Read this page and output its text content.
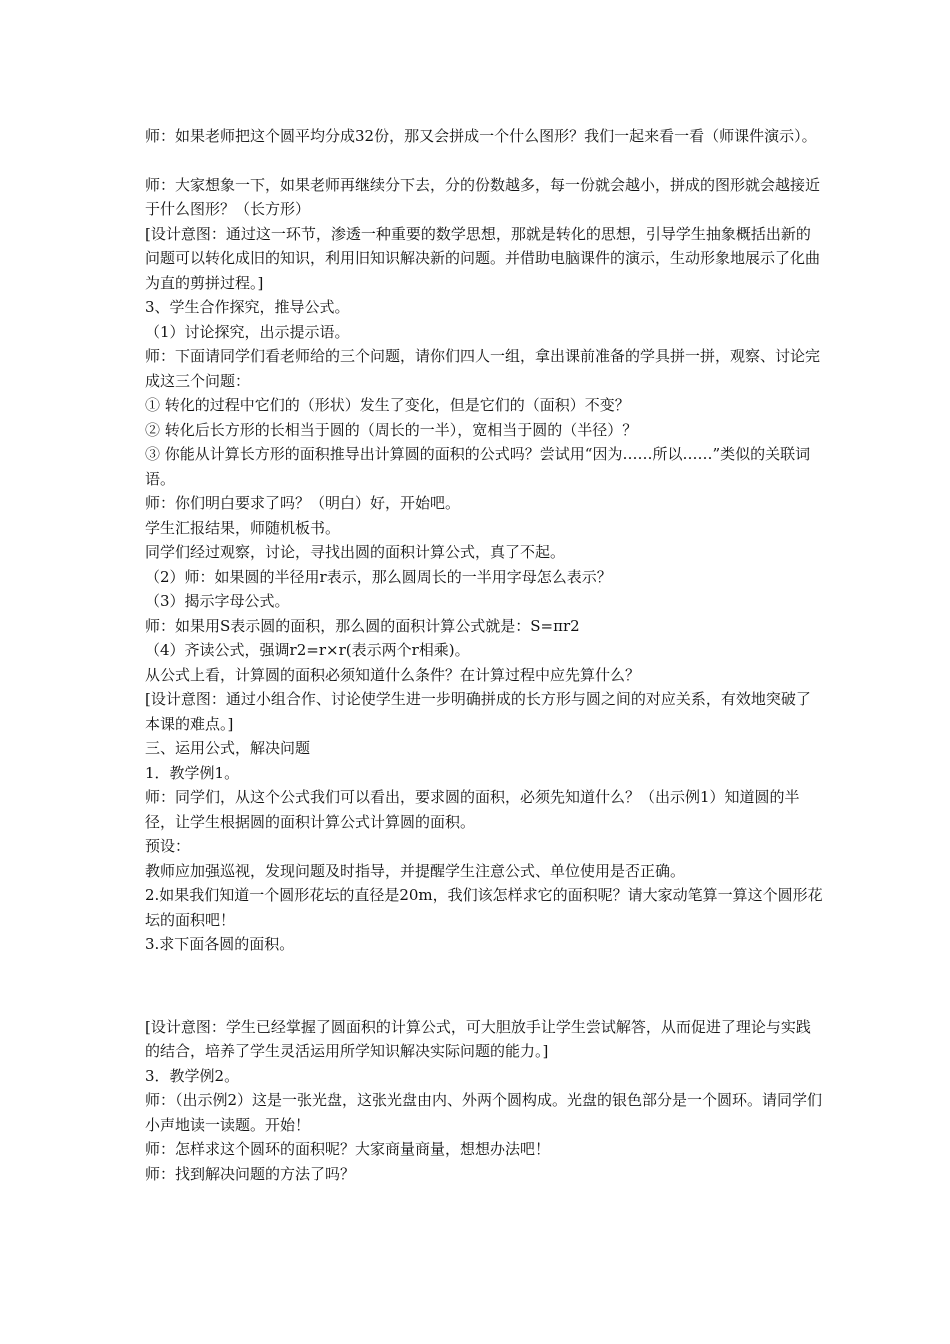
师：如果老师把这个圆平均分成32份，那又会拼成一个什么图形？我们一起来看一看（师课件演示）。

师：大家想象一下，如果老师再继续分下去，分的份数越多，每一份就会越小，拼成的图形就会越接近于什么图形？（长方形）

[设计意图：通过这一环节，渗透一种重要的数学思想，那就是转化的思想，引导学生抽象概括出新的问题可以转化成旧的知识，利用旧知识解决新的问题。并借助电脑课件的演示，生动形象地展示了化曲为直的剪拼过程。]

3、学生合作探究，推导公式。

（1）讨论探究，出示提示语。

师：下面请同学们看老师给的三个问题，请你们四人一组，拿出课前准备的学具拼一拼，观察、讨论完成这三个问题：

① 转化的过程中它们的（形状）发生了变化，但是它们的（面积）不变？

② 转化后长方形的长相当于圆的（周长的一半），宽相当于圆的（半径）？

③ 你能从计算长方形的面积推导出计算圆的面积的公式吗？尝试用“因为……所以……”类似的关联词语。

师：你们明白要求了吗？（明白）好，开始吧。

学生汇报结果，师随机板书。

同学们经过观察，讨论，寻找出圆的面积计算公式，真了不起。

（2）师：如果圆的半径用r表示，那么圆周长的一半用字母怎么表示？

（3）揭示字母公式。

师：如果用S表示圆的面积，那么圆的面积计算公式就是：S=πr2

（4）齐读公式，强调r2=r×r(表示两个r相乘)。

从公式上看，计算圆的面积必须知道什么条件？在计算过程中应先算什么？

[设计意图：通过小组合作、讨论使学生进一步明确拼成的长方形与圆之间的对应关系，有效地突破了本课的难点。]

三、运用公式，解决问题

1．教学例1。

师：同学们，从这个公式我们可以看出，要求圆的面积，必须先知道什么？（出示例1）知道圆的半径，让学生根据圆的面积计算公式计算圆的面积。

预设：

教师应加强巡视，发现问题及时指导，并提醒学生注意公式、单位使用是否正确。

2.如果我们知道一个圆形花坛的直径是20m，我们该怎样求它的面积呢？请大家动笔算一算这个圆形花坛的面积吧！

3.求下面各圆的面积。

[设计意图：学生已经掌握了圆面积的计算公式，可大胆放手让学生尝试解答，从而促进了理论与实践的结合，培养了学生灵活运用所学知识解决实际问题的能力。]

3．教学例2。

师：（出示例2）这是一张光盘，这张光盘由内、外两个圆构成。光盘的银色部分是一个圆环。请同学们小声地读一读题。开始！

师：怎样求这个圆环的面积呢？大家商量商量，想想办法吧！

师：找到解决问题的方法了吗？
